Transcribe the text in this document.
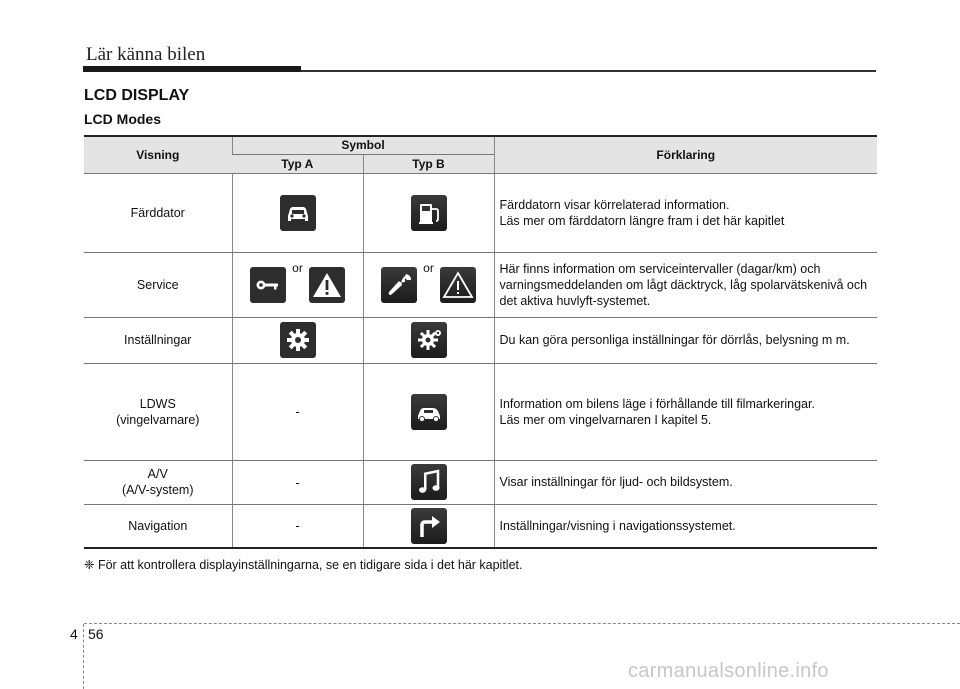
Lär känna bilen
LCD DISPLAY
LCD Modes
Visning	Symbol		Förklaring
	Typ A	Typ B	
Färddator			Färddatorn visar körrelaterad information.
Läs mer om färddatorn längre fram i det här kapitlet
Service	or	or	Här finns information om serviceintervaller (dagar/km) och varningsmeddelanden om lågt däcktryck, låg spolarvätskenivå och det aktiva huvlyft-systemet.
Inställningar			Du kan göra personliga inställningar för dörrlås, belysning m m.

LDWS
(vingelvarnare)	-		Information om bilens läge i förhållande till filmarkeringar.
Läs mer om vingelvarnaren I kapitel 5.

A/V
(A/V-system)	-		Visar inställningar för ljud- och bildsystem.
Navigation	-		Inställningar/visning i navigationssystemet.
❈ För att kontrollera displayinställningarna, se en tidigare sida i det här kapitlet.
4 56
carmanualsonline.info
